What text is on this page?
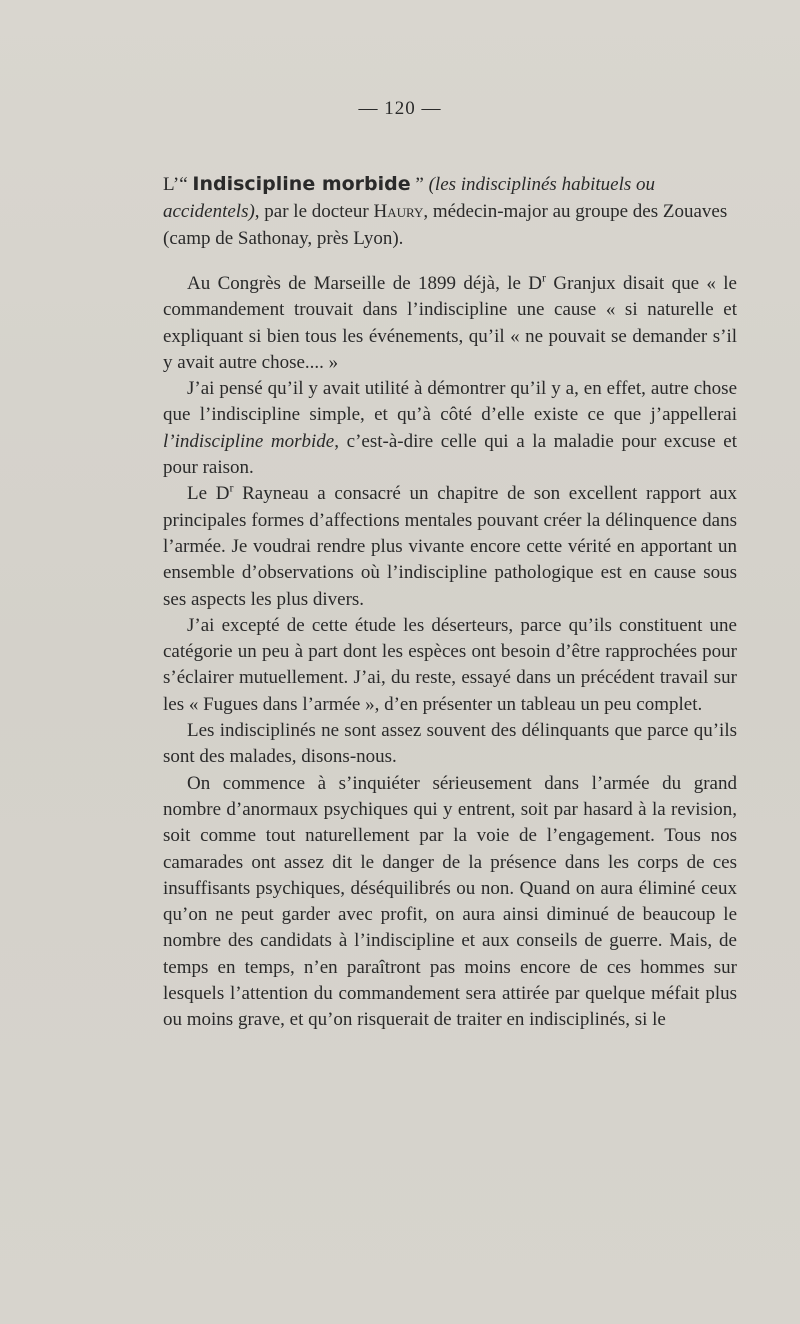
— 120 —
L’“ Indiscipline morbide ” (les indisciplinés habituels ou accidentels), par le docteur Haury, médecin-major au groupe des Zouaves (camp de Sathonay, près Lyon).

Au Congrès de Marseille de 1899 déjà, le $D^r$ Granjux disait que « le commandement trouvait dans l’indiscipline une cause « si naturelle et expliquant si bien tous les événements, qu’il « ne pouvait se demander s’il y avait autre chose.... »

J’ai pensé qu’il y avait utilité à démontrer qu’il y a, en effet, autre chose que l’indiscipline simple, et qu’à côté d’elle existe ce que j’appellerai l’indiscipline morbide, c’est-à-dire celle qui a la maladie pour excuse et pour raison.

Le $D^r$ Rayneau a consacré un chapitre de son excellent rapport aux principales formes d’affections mentales pouvant créer la délinquence dans l’armée. Je voudrai rendre plus vivante encore cette vérité en apportant un ensemble d’observations où l’indiscipline pathologique est en cause sous ses aspects les plus divers.

J’ai excepté de cette étude les déserteurs, parce qu’ils constituent une catégorie un peu à part dont les espèces ont besoin d’être rapprochées pour s’éclairer mutuellement. J’ai, du reste, essayé dans un précédent travail sur les « Fugues dans l’armée », d’en présenter un tableau un peu complet.

Les indisciplinés ne sont assez souvent des délinquants que parce qu’ils sont des malades, disons-nous.

On commence à s’inquiéter sérieusement dans l’armée du grand nombre d’anormaux psychiques qui y entrent, soit par hasard à la revision, soit comme tout naturellement par la voie de l’engagement. Tous nos camarades ont assez dit le danger de la présence dans les corps de ces insuffisants psychiques, déséquilibrés ou non. Quand on aura éliminé ceux qu’on ne peut garder avec profit, on aura ainsi diminué de beaucoup le nombre des candidats à l’indiscipline et aux conseils de guerre. Mais, de temps en temps, n’en paraîtront pas moins encore de ces hommes sur lesquels l’attention du commandement sera attirée par quelque méfait plus ou moins grave, et qu’on risquerait de traiter en indisciplinés, si le
